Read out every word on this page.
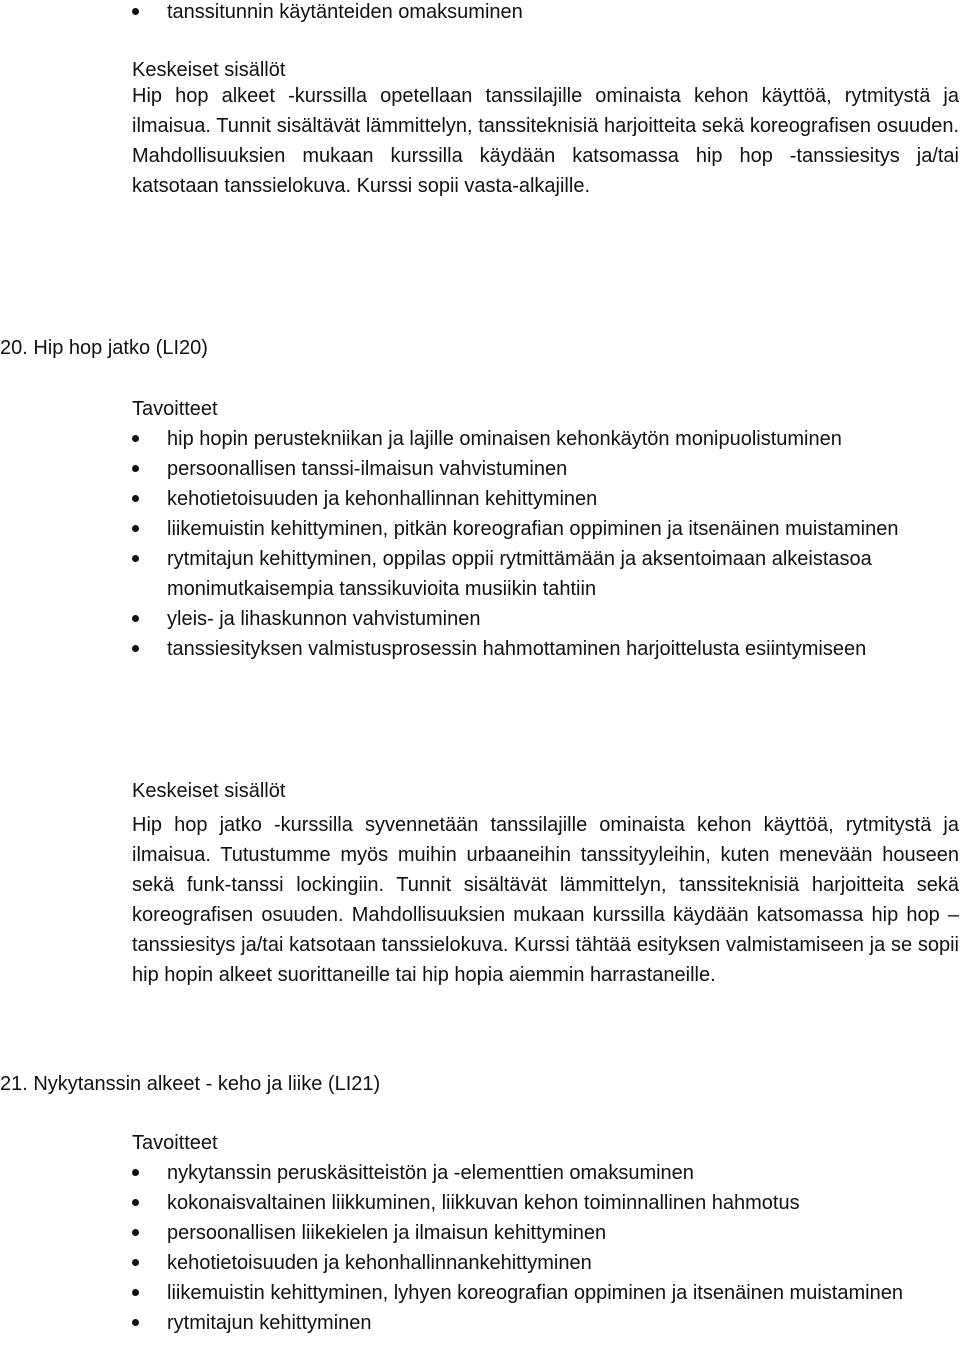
tanssitunnin käytänteiden omaksuminen
Keskeiset sisällöt
Hip hop alkeet -kurssilla opetellaan tanssilajille ominaista kehon käyttöä, rytmitystä ja ilmaisua. Tunnit sisältävät lämmittelyn, tanssiteknisiä harjoitteita sekä koreografisen osuuden. Mahdollisuuksien mukaan kurssilla käydään katsomassa hip hop -tanssiesitys ja/tai katsotaan tanssielokuva. Kurssi sopii vasta-alkajille.
20. Hip hop jatko (LI20)
Tavoitteet
hip hopin perustekniikan ja lajille ominaisen kehonkäytön monipuolistuminen
persoonallisen tanssi-ilmaisun vahvistuminen
kehotietoisuuden ja kehonhallinnan kehittyminen
liikemuistin kehittyminen, pitkän koreografian oppiminen ja itsenäinen muistaminen
rytmitajun kehittyminen, oppilas oppii rytmittämään ja aksentoimaan alkeistasoa monimutkaisempia tanssikuvioita musiikin tahtiin
yleis- ja lihaskunnon vahvistuminen
tanssiesityksen valmistusprosessin hahmottaminen harjoittelusta esiintymiseen
Keskeiset sisällöt
Hip hop jatko -kurssilla syvennetään tanssilajille ominaista kehon käyttöä, rytmitystä ja ilmaisua. Tutustumme myös muihin urbaaneihin tanssityyleihin, kuten menevään houseen sekä funk-tanssi lockingiin. Tunnit sisältävät lämmittelyn, tanssiteknisiä harjoitteita sekä koreografisen osuuden. Mahdollisuuksien mukaan kurssilla käydään katsomassa hip hop –tanssiesitys ja/tai katsotaan tanssielokuva. Kurssi tähtää esityksen valmistamiseen ja se sopii hip hopin alkeet suorittaneille tai hip hopia aiemmin harrastaneille.
21. Nykytanssin alkeet - keho ja liike (LI21)
Tavoitteet
nykytanssin peruskäsitteistön ja -elementtien omaksuminen
kokonaisvaltainen liikkuminen, liikkuvan kehon toiminnallinen hahmotus
persoonallisen liikekielen ja ilmaisun kehittyminen
kehotietoisuuden ja kehonhallinnankehittyminen
liikemuistin kehittyminen, lyhyen koreografian oppiminen ja itsenäinen muistaminen
rytmitajun kehittyminen
